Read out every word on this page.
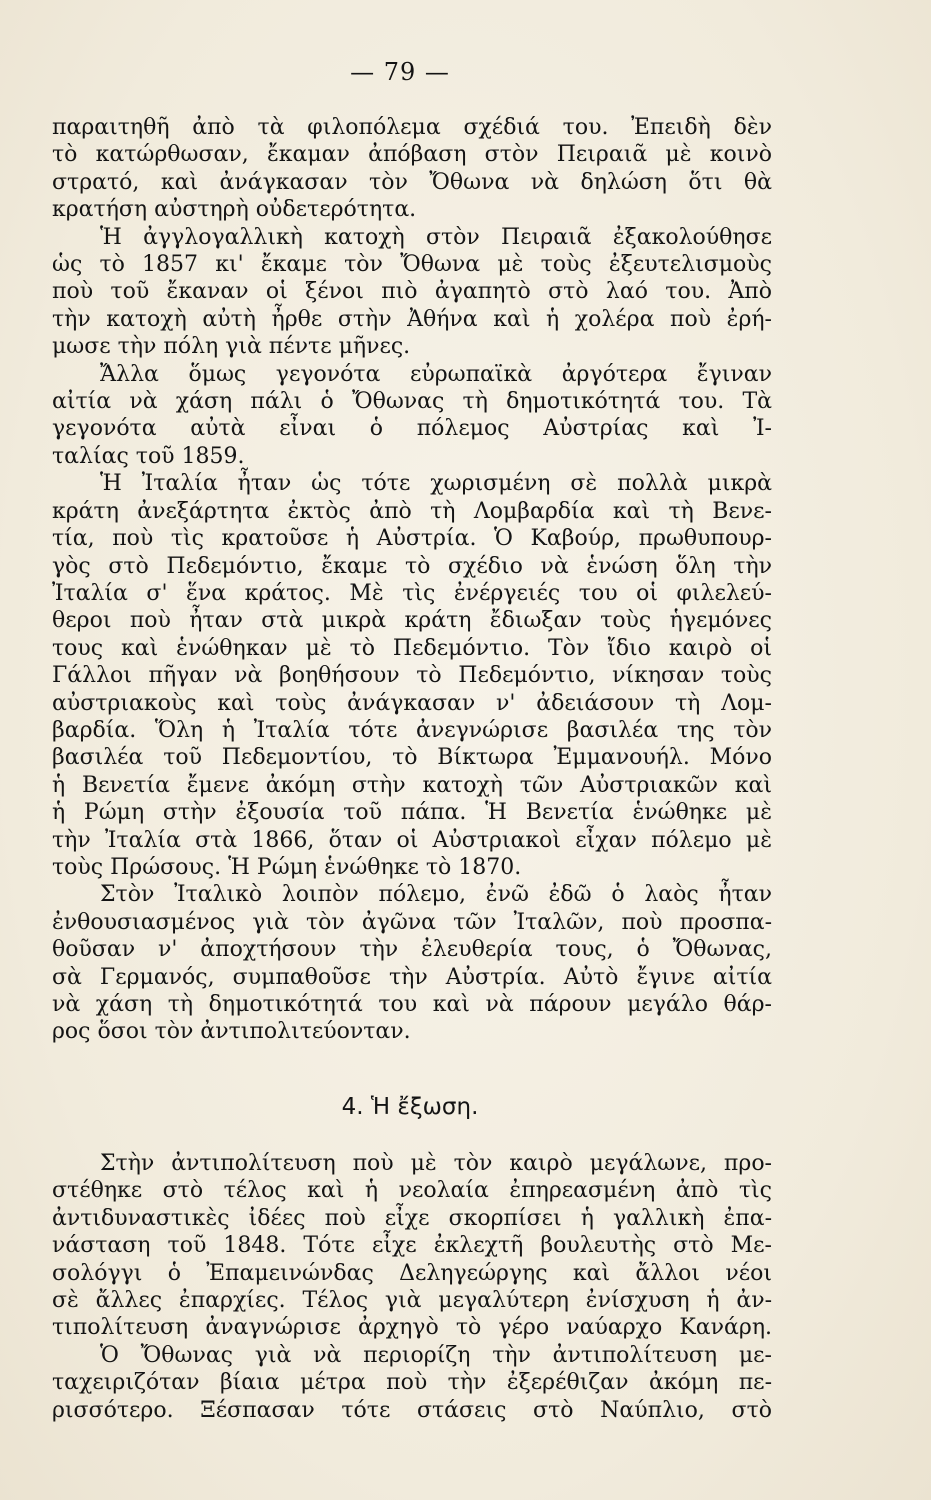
— 79 —
παραιτηθῆ ἀπὸ τὰ φιλοπόλεμα σχέδιά του. Ἐπειδὴ δὲν
τὸ κατώρθωσαν, ἔκαμαν ἀπόβαση στὸν Πειραιᾶ μὲ κοινὸ
στρατό, καὶ ἀνάγκασαν τὸν Ὄθωνα νὰ δηλώση ὅτι θὰ
κρατήση αὐστηρὴ οὐδετερότητα.
Ἡ ἀγγλογαλλικὴ κατοχὴ στὸν Πειραιᾶ ἐξακολούθησε
ὡς τὸ 1857 κι' ἔκαμε τὸν Ὄθωνα μὲ τοὺς ἐξευτελισμοὺς
ποὺ τοῦ ἔκαναν οἱ ξένοι πιὸ ἀγαπητὸ στὸ λαό του. Ἀπὸ
τὴν κατοχὴ αὐτὴ ἦρθε στὴν Ἀθήνα καὶ ἡ χολέρα ποὺ ἐρή-
μωσε τὴν πόλη γιὰ πέντε μῆνες.
Ἄλλα ὅμως γεγονότα εὐρωπαϊκὰ ἀργότερα ἔγιναν
αἰτία νὰ χάση πάλι ὁ Ὄθωνας τὴ δημοτικότητά του. Τὰ
γεγονότα αὐτὰ εἶναι ὁ πόλεμος Αὐστρίας καὶ Ἰ-
ταλίας τοῦ 1859.
Ἡ Ἰταλία ἦταν ὡς τότε χωρισμένη σὲ πολλὰ μικρὰ
κράτη ἀνεξάρτητα ἐκτὸς ἀπὸ τὴ Λομβαρδία καὶ τὴ Βενε-
τία, ποὺ τὶς κρατοῦσε ἡ Αὐστρία. Ὁ Καβούρ, πρωθυπουρ-
γὸς στὸ Πεδεμόντιο, ἔκαμε τὸ σχέδιο νὰ ἑνώση ὅλη τὴν
Ἰταλία σ' ἕνα κράτος. Μὲ τὶς ἐνέργειές του οἱ φιλελεύ-
θεροι ποὺ ἦταν στὰ μικρὰ κράτη ἔδιωξαν τοὺς ἡγεμόνες
τους καὶ ἑνώθηκαν μὲ τὸ Πεδεμόντιο. Τὸν ἴδιο καιρὸ οἱ
Γάλλοι πῆγαν νὰ βοηθήσουν τὸ Πεδεμόντιο, νίκησαν τοὺς
αὐστριακοὺς καὶ τοὺς ἀνάγκασαν ν' ἀδειάσουν τὴ Λομ-
βαρδία. Ὅλη ἡ Ἰταλία τότε ἀνεγνώρισε βασιλέα της τὸν
βασιλέα τοῦ Πεδεμοντίου, τὸ Βίκτωρα Ἐμμανουήλ. Μόνο
ἡ Βενετία ἔμενε ἀκόμη στὴν κατοχὴ τῶν Αὐστριακῶν καὶ
ἡ Ρώμη στὴν ἐξουσία τοῦ πάπα. Ἡ Βενετία ἑνώθηκε μὲ
τὴν Ἰταλία στὰ 1866, ὅταν οἱ Αὐστριακοὶ εἶχαν πόλεμο μὲ
τοὺς Πρώσους. Ἡ Ρώμη ἑνώθηκε τὸ 1870.
Στὸν Ἰταλικὸ λοιπὸν πόλεμο, ἐνῶ ἐδῶ ὁ λαὸς ἦταν
ἐνθουσιασμένος γιὰ τὸν ἀγῶνα τῶν Ἰταλῶν, ποὺ προσπα-
θοῦσαν ν' ἀποχτήσουν τὴν ἐλευθερία τους, ὁ Ὄθωνας,
σὰ Γερμανός, συμπαθοῦσε τὴν Αὐστρία. Αὐτὸ ἔγινε αἰτία
νὰ χάση τὴ δημοτικότητά του καὶ νὰ πάρουν μεγάλο θάρ-
ρος ὅσοι τὸν ἀντιπολιτεύονταν.
4. Ἡ ἔξωση.
Στὴν ἀντιπολίτευση ποὺ μὲ τὸν καιρὸ μεγάλωνε, προ-
στέθηκε στὸ τέλος καὶ ἡ νεολαία ἐπηρεασμένη ἀπὸ τὶς
ἀντιδυναστικὲς ἰδέες ποὺ εἶχε σκορπίσει ἡ γαλλικὴ ἐπα-
νάσταση τοῦ 1848. Τότε εἶχε ἐκλεχτῆ βουλευτὴς στὸ Με-
σολόγγι ὁ Ἐπαμεινώνδας Δεληγεώργης καὶ ἄλλοι νέοι
σὲ ἄλλες ἐπαρχίες. Τέλος γιὰ μεγαλύτερη ἐνίσχυση ἡ ἀν-
τιπολίτευση ἀναγνώρισε ἀρχηγὸ τὸ γέρο ναύαρχο Κανάρη.
Ὁ Ὄθωνας γιὰ νὰ περιορίζη τὴν ἀντιπολίτευση με-
ταχειριζόταν βίαια μέτρα ποὺ τὴν ἐξερέθιζαν ἀκόμη πε-
ρισσότερο. Ξέσπασαν τότε στάσεις στὸ Ναύπλιο, στὸ
